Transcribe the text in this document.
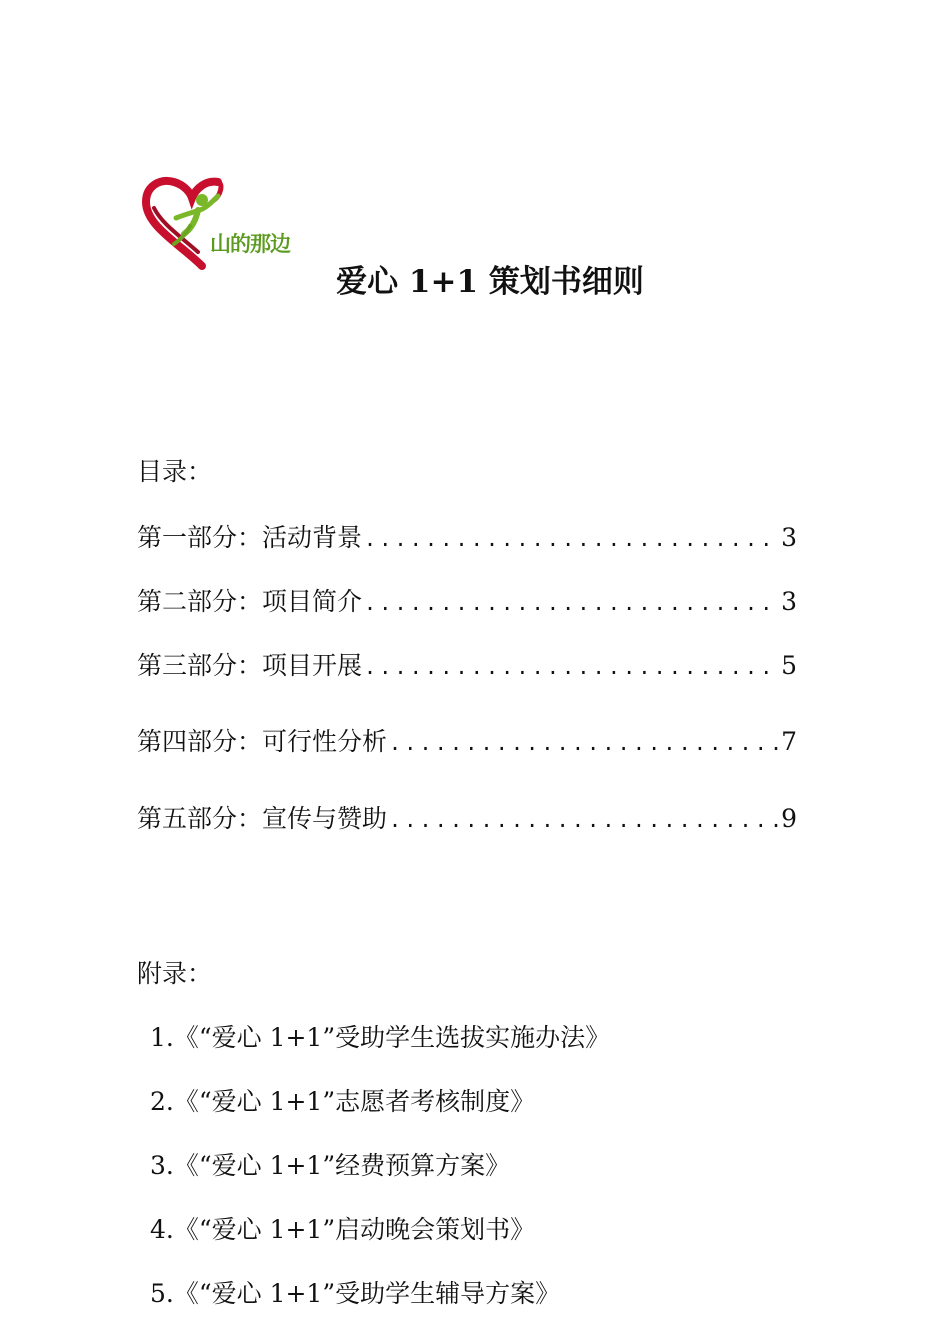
山的那边
爱心 1+1 策划书细则
目录：
第一部分：活动背景 .....	3
第二部分：项目简介 .....	3
第三部分：项目开展 .....	5
第四部分：可行性分析 .....	7
第五部分：宣传与赞助 .....	9
附录：
1.《“爱心 1+1”受助学生选拔实施办法》
2.《“爱心 1+1”志愿者考核制度》
3.《“爱心 1+1”经费预算方案》
4.《“爱心 1+1”启动晚会策划书》
5.《“爱心 1+1”受助学生辅导方案》
